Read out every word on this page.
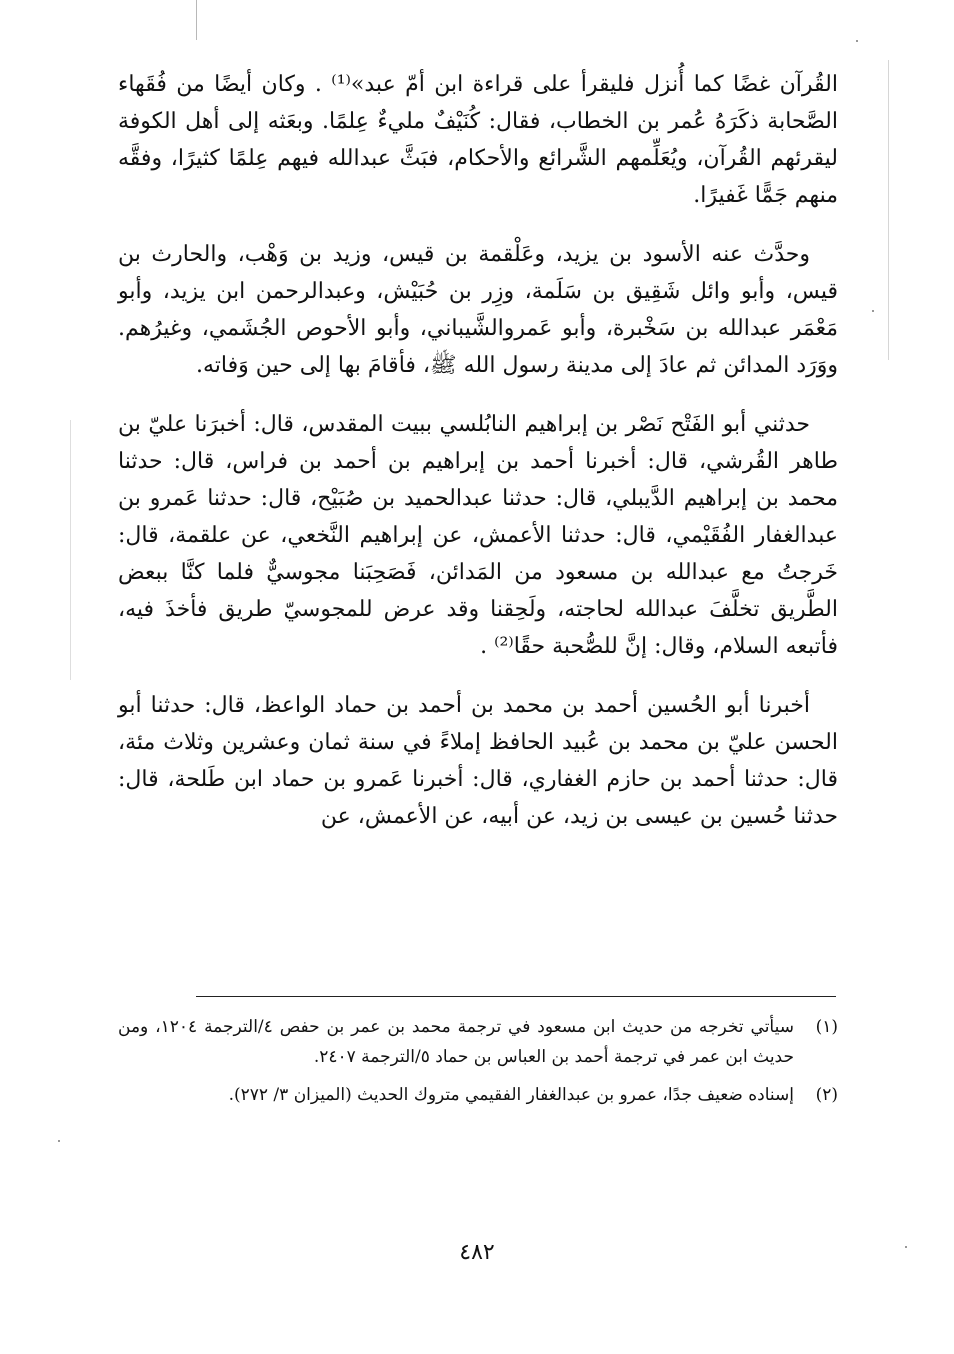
القُرآن غضًا كما أُنزل فليقرأ على قراءة ابن أمّ عبد»⁽¹⁾ . وكان أيضًا من فُقَهاء الصَّحابة ذكَرَهُ عُمر بن الخطاب، فقال: كُنَيْفٌ مليءٌ عِلمًا. وبعَثه إلى أهل الكوفة ليقرئهم القُرآن، ويُعَلِّمهم الشَّرائع والأحكام، فبَثَّ عبدالله فيهم عِلمًا كثيرًا، وفقَّه منهم جَمًّا غَفيرًا.

وحدَّث عنه الأسود بن يزيد، وعَلْقمة بن قيس، وزيد بن وَهْب، والحارث بن قيس، وأبو وائل شَقِيق بن سَلَمة، وزِر بن حُبَيْش، وعبدالرحمن ابن يزيد، وأبو مَعْمَر عبدالله بن سَخْبرة، وأبو عَمروالشَّيباني، وأبو الأحوص الجُشَمي، وغيرُهم. ووَرَد المدائن ثم عادَ إلى مدينة رسول الله ﷺ، فأقامَ بها إلى حين وَفاته.

حدثني أبو الفَتْح نَصْر بن إبراهيم النابُلسي ببيت المقدس، قال: أخبرَنا عليّ بن طاهر القُرشي، قال: أخبرنا أحمد بن إبراهيم بن أحمد بن فراس، قال: حدثنا محمد بن إبراهيم الدَّيبلي، قال: حدثنا عبدالحميد بن صُبَيْح، قال: حدثنا عَمرو بن عبدالغفار الفُقَيْمي، قال: حدثنا الأعمش، عن إبراهيم النَّخعي، عن علقمة، قال: خَرجتُ مع عبدالله بن مسعود من المَدائن، فَصَحِبَنا مجوسيٌّ فلما كنَّا ببعض الطَّريق تخلَّفَ عبدالله لحاجته، ولَحِقنا وقد عرض للمجوسيّ طريق فأخذَ فيه، فأتبعه السلام، وقال: إنَّ للصُّحبة حقًا⁽²⁾ .

أخبرنا أبو الحُسين أحمد بن محمد بن أحمد بن حماد الواعظ، قال: حدثنا أبو الحسن عليّ بن محمد بن عُبيد الحافظ إملاءً في سنة ثمان وعشرين وثلاث مئة، قال: حدثنا أحمد بن حازم الغفاري، قال: أخبرنا عَمرو بن حماد ابن طَلحة، قال: حدثنا حُسين بن عيسى بن زيد، عن أبيه، عن الأعمش، عن

(١)
سيأتي تخرجه من حديث ابن مسعود في ترجمة محمد بن عمر بن حفص ٤/الترجمة ١٢٠٤، ومن حديث ابن عمر في ترجمة أحمد بن العباس بن حماد ٥/الترجمة ٢٤٠٧.
(٢)
إسناده ضعيف جدًا، عمرو بن عبدالغفار الفقيمي متروك الحديث (الميزان ٣/ ٢٧٢).
٤٨٢
